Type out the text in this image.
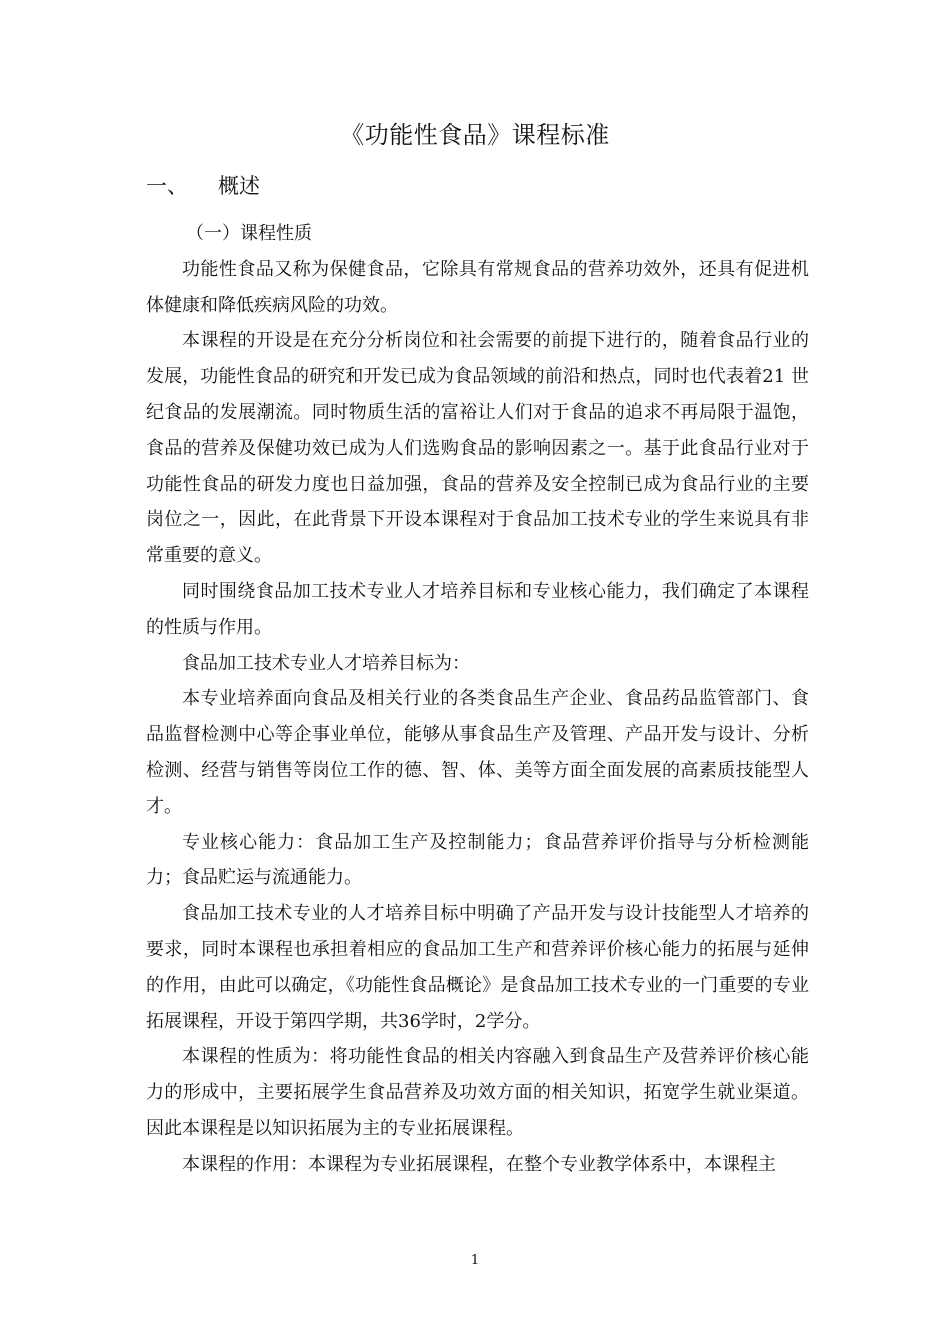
《功能性食品》课程标准
一、 概述

（一）课程性质

功能性食品又称为保健食品，它除具有常规食品的营养功效外，还具有促进机体健康和降低疾病风险的功效。

本课程的开设是在充分分析岗位和社会需要的前提下进行的，随着食品行业的发展，功能性食品的研究和开发已成为食品领域的前沿和热点，同时也代表着21 世纪食品的发展潮流。同时物质生活的富裕让人们对于食品的追求不再局限于温饱，食品的营养及保健功效已成为人们选购食品的影响因素之一。基于此食品行业对于功能性食品的研发力度也日益加强，食品的营养及安全控制已成为食品行业的主要岗位之一，因此，在此背景下开设本课程对于食品加工技术专业的学生来说具有非常重要的意义。

同时围绕食品加工技术专业人才培养目标和专业核心能力，我们确定了本课程的性质与作用。

食品加工技术专业人才培养目标为：

本专业培养面向食品及相关行业的各类食品生产企业、食品药品监管部门、食品监督检测中心等企事业单位，能够从事食品生产及管理、产品开发与设计、分析检测、经营与销售等岗位工作的德、智、体、美等方面全面发展的高素质技能型人才。

专业核心能力：食品加工生产及控制能力；食品营养评价指导与分析检测能力；食品贮运与流通能力。

食品加工技术专业的人才培养目标中明确了产品开发与设计技能型人才培养的要求，同时本课程也承担着相应的食品加工生产和营养评价核心能力的拓展与延伸的作用，由此可以确定，《功能性食品概论》是食品加工技术专业的一门重要的专业拓展课程，开设于第四学期，共36学时，2学分。

本课程的性质为：将功能性食品的相关内容融入到食品生产及营养评价核心能力的形成中，主要拓展学生食品营养及功效方面的相关知识，拓宽学生就业渠道。因此本课程是以知识拓展为主的专业拓展课程。

本课程的作用：本课程为专业拓展课程，在整个专业教学体系中，本课程主

1
